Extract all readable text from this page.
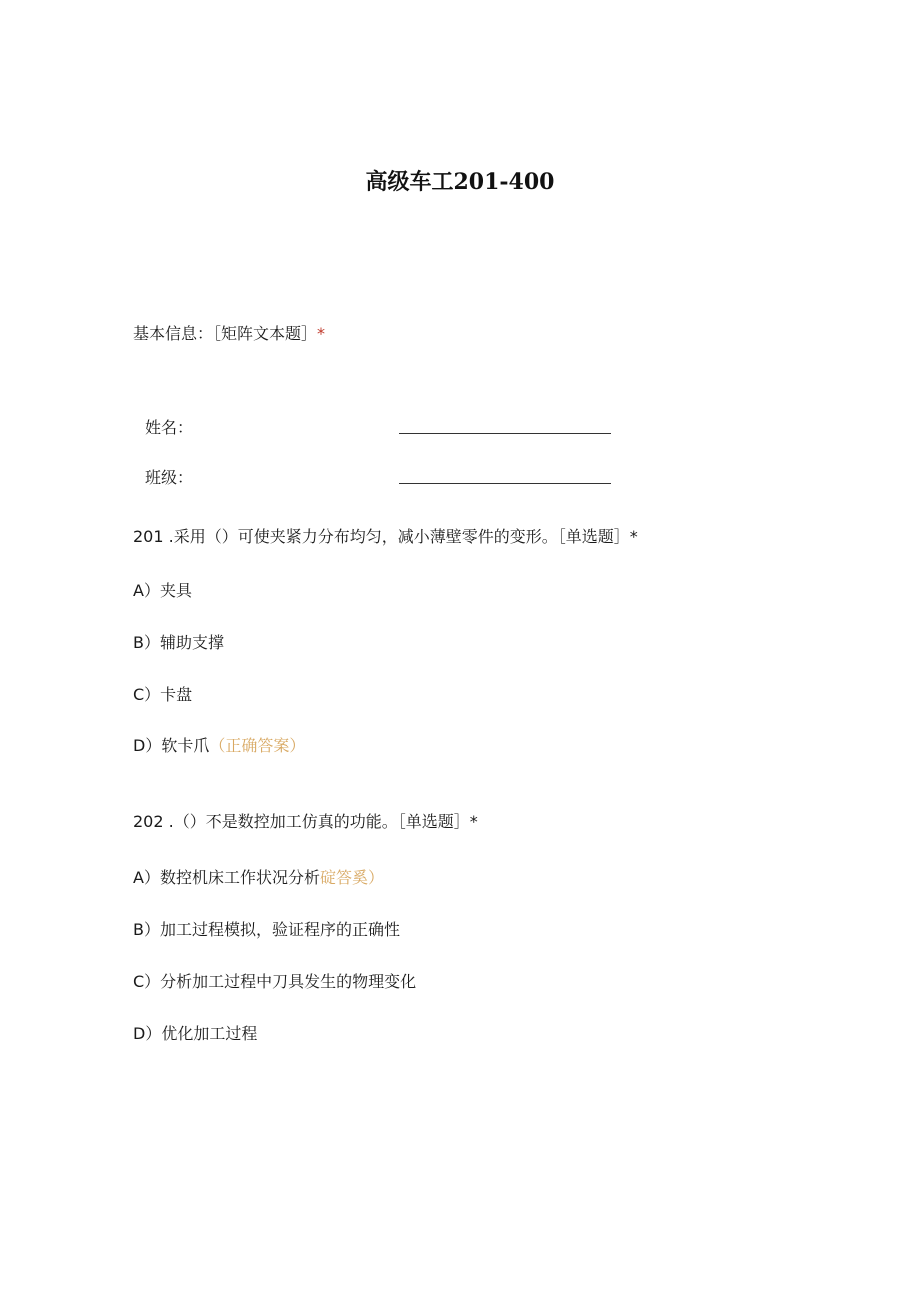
高级车工201-400
基本信息：［矩阵文本题］*
姓名：
班级：
201 .采用（）可使夹紧力分布均匀，减小薄壁零件的变形。［单选题］*
A）夹具
B）辅助支撑
C）卡盘
D）软卡爪（正确答案）
202 .（）不是数控加工仿真的功能。［单选题］*
A）数控机床工作状况分析碇答奚）
B）加工过程模拟，验证程序的正确性
C）分析加工过程中刀具发生的物理变化
D）优化加工过程
